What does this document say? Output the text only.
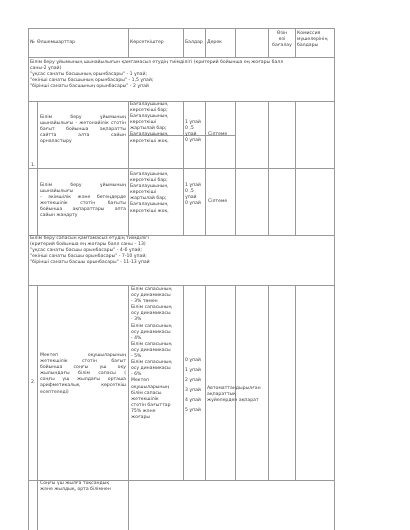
№ Өлшемшарттар	Көрсеткіштер	Балдар Дерек
Өзін
өзі
бағалау
Комиссия
мүшелерінің
балдары
Білім беру ұйымының шынайылығын қамтамасыз етудің тиімділігі (критерий бойынша ең жоғары балл
саны-2 ұпай)
"ұқсас санаты басшының орынбасары" - 1 ұпай;
"екінші санаты басшының орынбасары" - 1,5 ұпай;
"бірінші санаты басшының орынбасары" - 2 ұпай
1.
Білім беру ұйымының
шынайылығы - жетонайілік стотін
бағыт бойынша ақпаратты
сайтта алта сайын
орналастыру
Бағалаушының
көрсеткіші бар;
Бағалаушының
көрсеткіші
жартылай бар;
Бағалаушының
көрсеткіші жоқ.
1 ұпай
0 ,5
ұпай
0 ұпай
Сілтеме
Білім беру ұйымының
шынайылығы
- әкімшілік және бөтеңдерде
жетекшілік стотін бағыты
бойынша ақпараттары апта
сайын жаңарту
Бағалаушының
көрсеткіші бар;
Бағалаушының
көрсеткіші
жартылай бар;
Бағалаушының
көрсеткіші жоқ.
1 ұпай
0 ,5
ұпай
0 ұпай Сілтеме
Білім беру сапасын қамтамасыз етудің тиімділігі
(критерий бойынша ең жоғары балл саны – 13)
"ұқсас санаты басшы орынбасары" - 4-6 ұпай;
"екінші санаты басшы орынбасары" - 7-10 ұпай;
"бірінші санаты басшы орынбасары" - 11-13 ұпай
2.
Мектеп оқушыларының
жетекшілік стотін бағыт
бойынша соңғы үш оқу
жылындағы білім сапасы (
соңғы үш жылдағы орташа
арифметикалық көрсеткіш
есептеледі)
Білім сапасының
осу динамикасы
- 3% төмен
Білім сапасының
осу динамикасы
- 3%
Білім сапасының
осу динамикасы
- 4%
Білім сапасының
осу динамикасы
- 5%
Білім сапасының
осу динамикасы
- 6%
Мектеп
оқушыларының
білім сапасы
жетекшілік
стотін бағыттар
75% және
жоғары
0 ұпай
1 ұпай
2 ұпай
3 ұпай
4 ұпай
5 ұпай
Автоматтандырылған
ақпараттық
жүйелерден ақпарат
Соңғы үш жылға тоқсандық
және жылдық, орта білімнен
